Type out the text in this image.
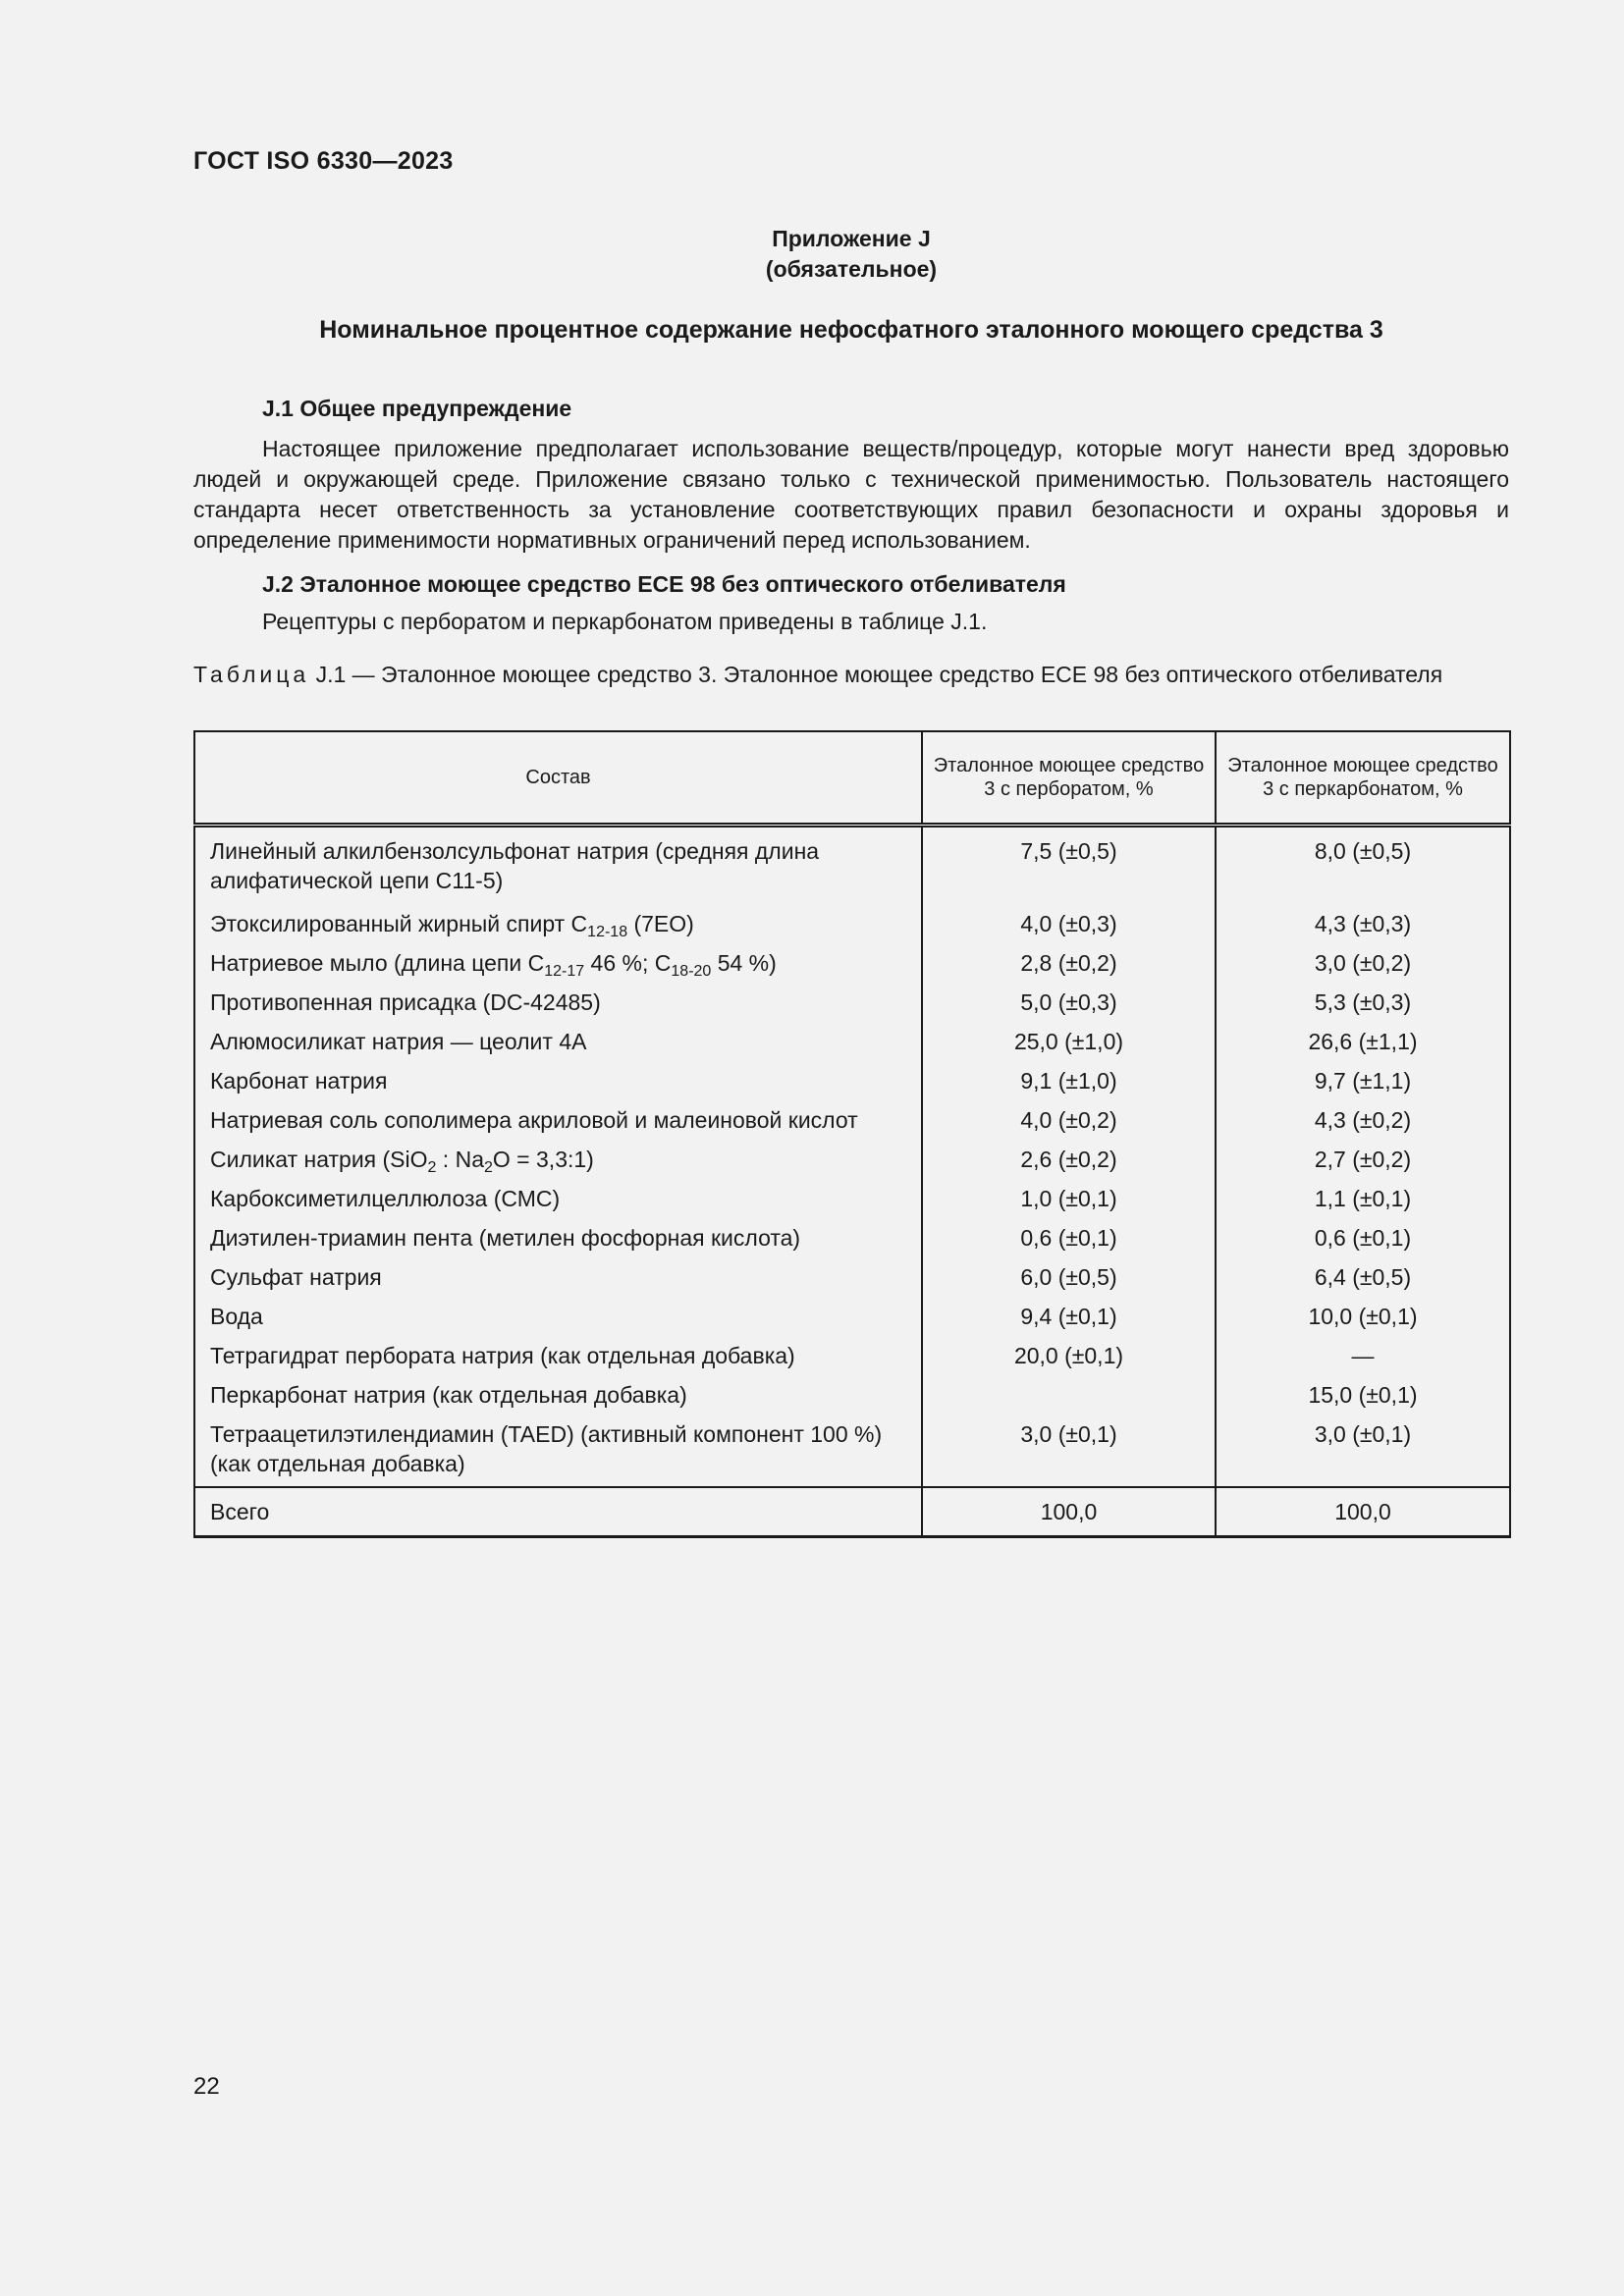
ГОСТ ISO 6330—2023
Приложение J
(обязательное)
Номинальное процентное содержание нефосфатного эталонного моющего средства 3
J.1 Общее предупреждение
Настоящее приложение предполагает использование веществ/процедур, которые могут нанести вред здоровью людей и окружающей среде. Приложение связано только с технической применимостью. Пользователь настоящего стандарта несет ответственность за установление соответствующих правил безопасности и охраны здоровья и определение применимости нормативных ограничений перед использованием.
J.2 Эталонное моющее средство ECE 98 без оптического отбеливателя
Рецептуры с перборатом и перкарбонатом приведены в таблице J.1.
Таблица J.1 — Эталонное моющее средство 3. Эталонное моющее средство ECE 98 без оптического отбеливателя
Состав	Эталонное моющее средство 3 с перборатом, %	Эталонное моющее средство 3 с перкарбонатом, %
Линейный алкилбензолсульфонат натрия (средняя длина алифатической цепи С11-5)	7,5 (±0,5)	8,0 (±0,5)
Этоксилированный жирный спирт $С_{12-18}$ (7EO)	4,0 (±0,3)	4,3 (±0,3)
Натриевое мыло (длина цепи $С_{12-17}$ 46 %; $С_{18-20}$ 54 %)	2,8 (±0,2)	3,0 (±0,2)
Противопенная присадка (DC-42485)	5,0 (±0,3)	5,3 (±0,3)
Алюмосиликат натрия — цеолит 4А	25,0 (±1,0)	26,6 (±1,1)
Карбонат натрия	9,1 (±1,0)	9,7 (±1,1)
Натриевая соль сополимера акриловой и малеиновой кислот	4,0 (±0,2)	4,3 (±0,2)
Силикат натрия (SiO$_2$ : $Na_2O$ = 3,3:1)	2,6 (±0,2)	2,7 (±0,2)
Карбоксиметилцеллюлоза (СМС)	1,0 (±0,1)	1,1 (±0,1)
Диэтилен-триамин пента (метилен фосфорная кислота)	0,6 (±0,1)	0,6 (±0,1)
Сульфат натрия	6,0 (±0,5)	6,4 (±0,5)
Вода	9,4 (±0,1)	10,0 (±0,1)
Тетрагидрат пербората натрия (как отдельная добавка)	20,0 (±0,1)	—
Перкарбонат натрия (как отдельная добавка)		15,0 (±0,1)
Тетраацетилэтилендиамин (TAED) (активный компонент 100 %) (как отдельная добавка)	3,0 (±0,1)	3,0 (±0,1)
Всего	100,0	100,0
22
